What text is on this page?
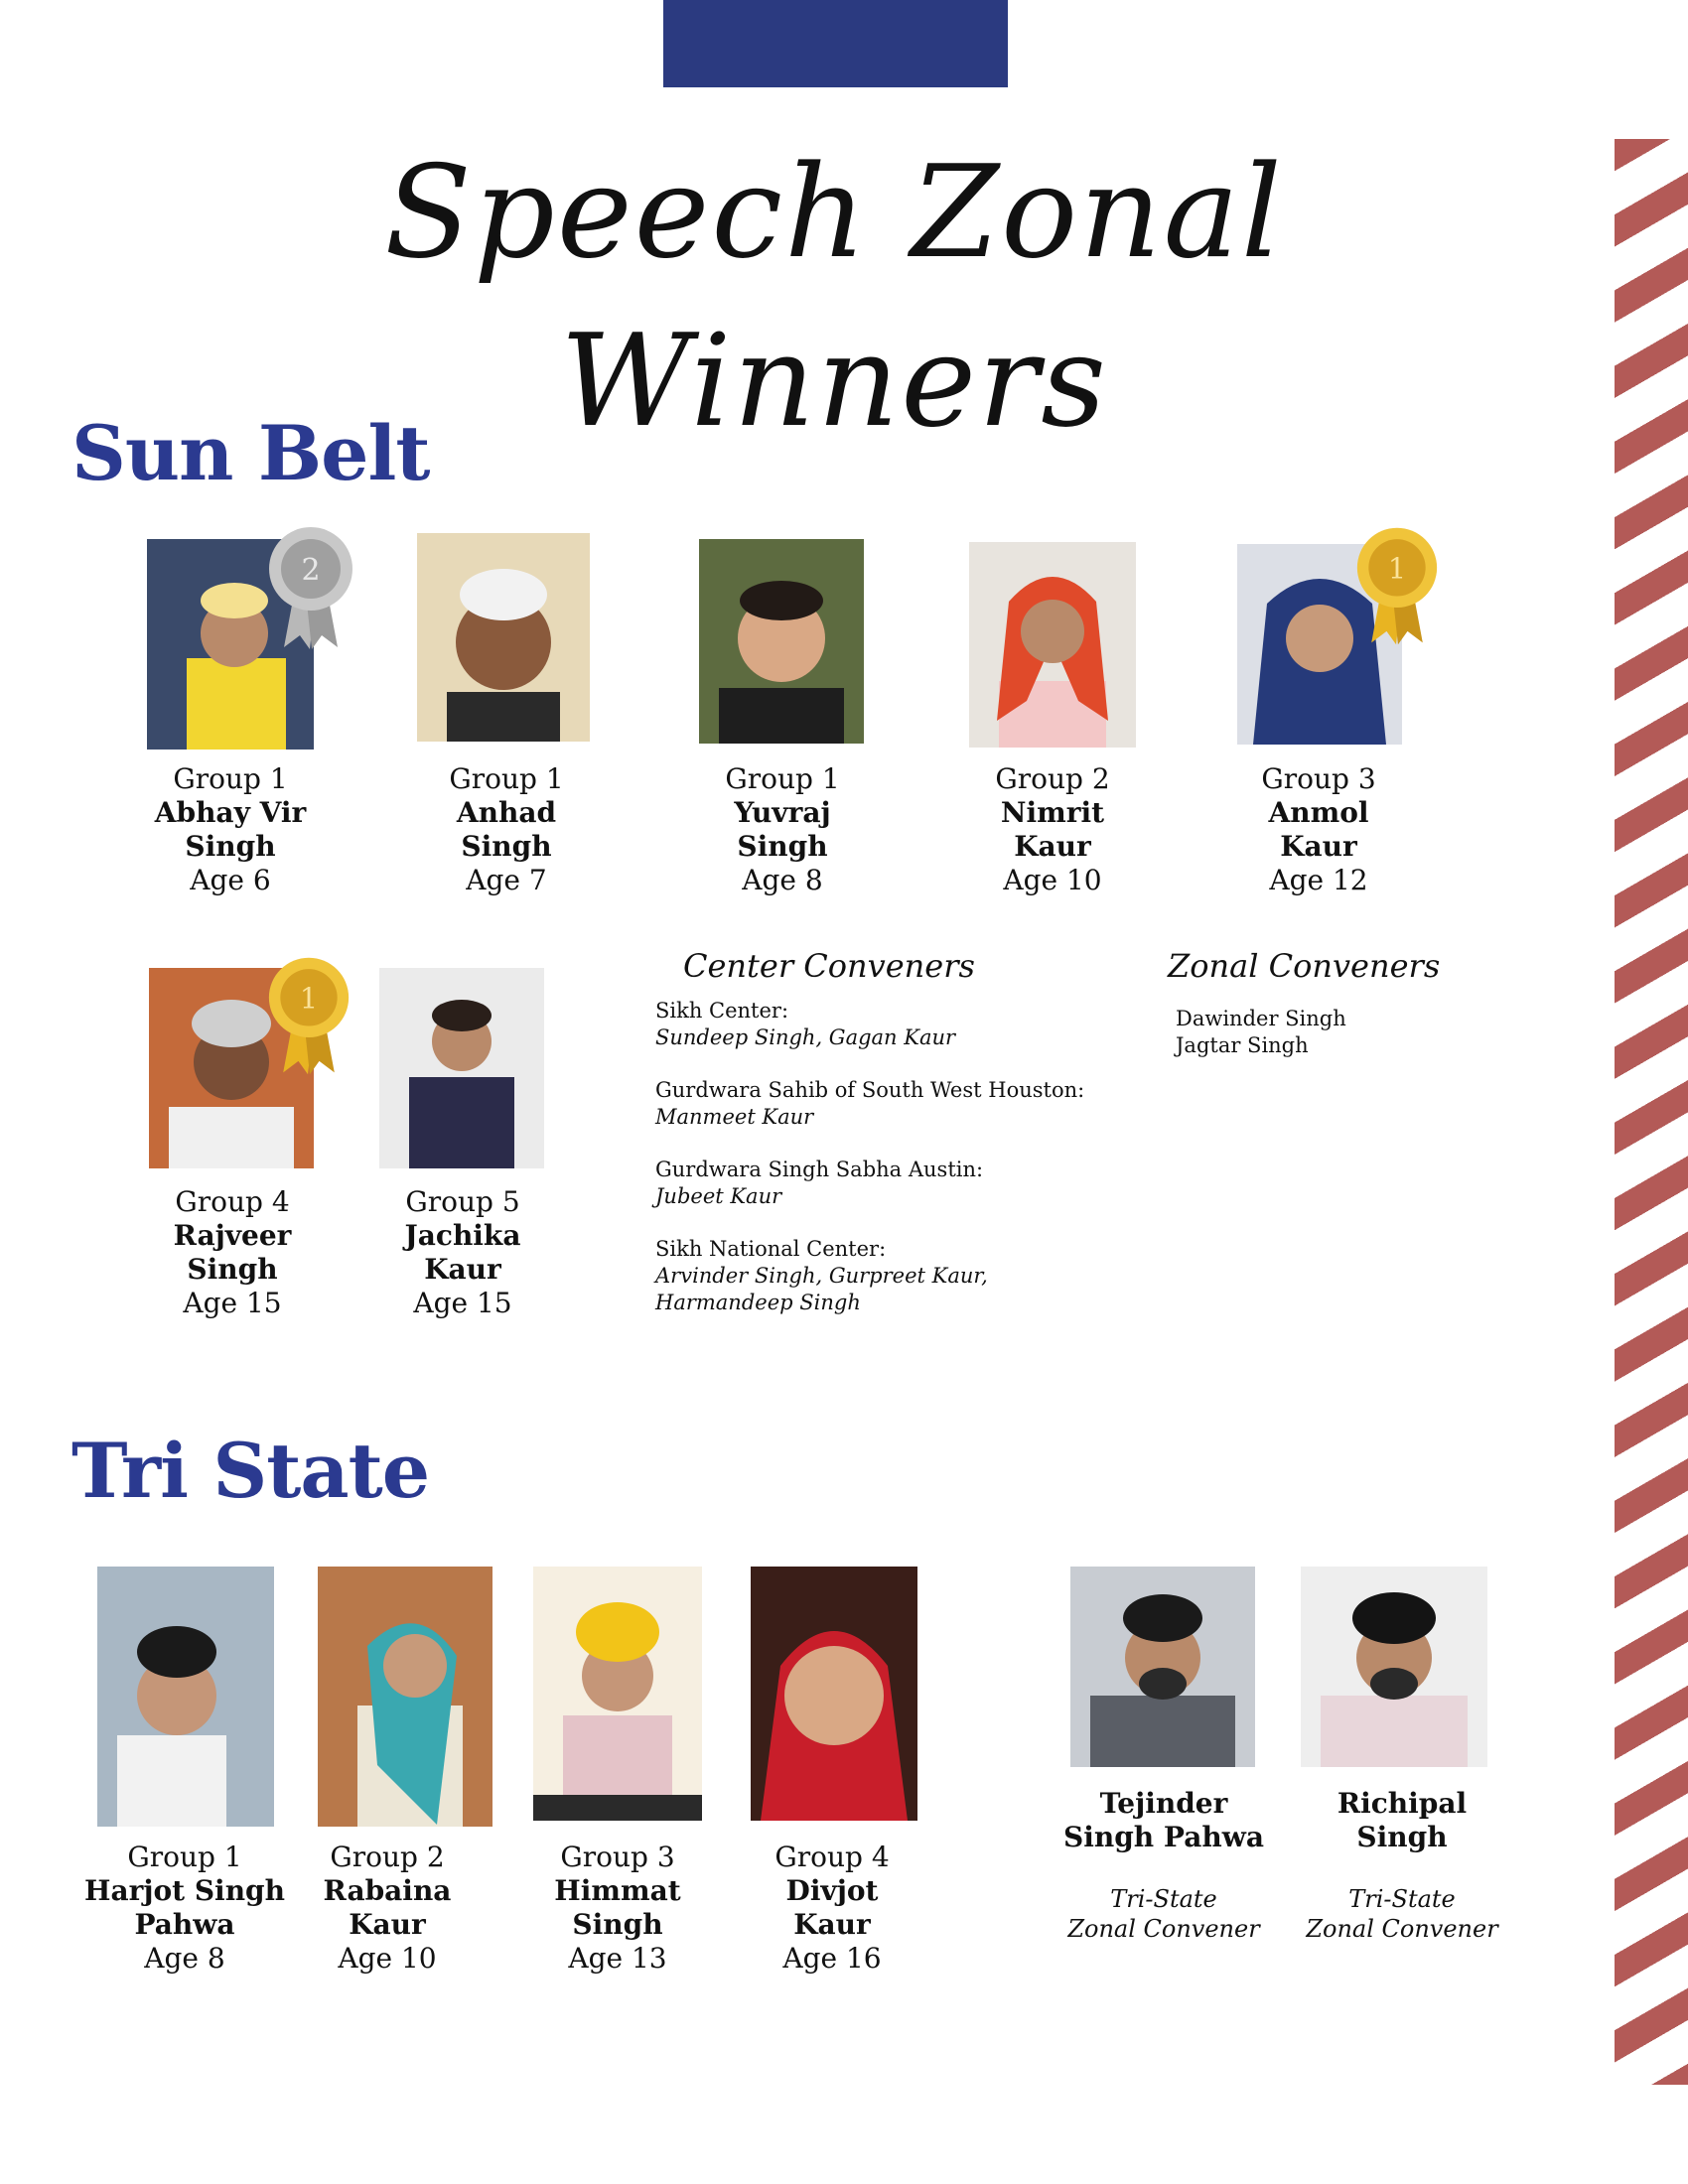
Speech Zonal Winners
Sun Belt
2	1
Group 1
Abhay Vir
Singh
Age 6
Group 1
Anhad
Singh
Age 7
Group 1
Yuvraj
Singh
Age 8
Group 2
Nimrit
Kaur
Age 10
Group 3
Anmol
Kaur
Age 12
1
Group 4
Rajveer
Singh
Age 15
Group 5
Jachika
Kaur
Age 15
Center Conveners
Sikh Center:
Sundeep Singh, Gagan Kaur
Gurdwara Sahib of South West Houston:
Manmeet Kaur
Gurdwara Singh Sabha Austin:
Jubeet Kaur
Sikh National Center:
Arvinder Singh, Gurpreet Kaur,
Harmandeep Singh
Zonal Conveners
Dawinder Singh
Jagtar Singh
Tri State
Group 1
Harjot Singh
Pahwa
Age 8
Group 2
Rabaina
Kaur
Age 10
Group 3
Himmat
Singh
Age 13
Group 4
Divjot
Kaur
Age 16
Tejinder
Singh Pahwa
Tri-State
Zonal Convener
Richipal
Singh
Tri-State
Zonal Convener
